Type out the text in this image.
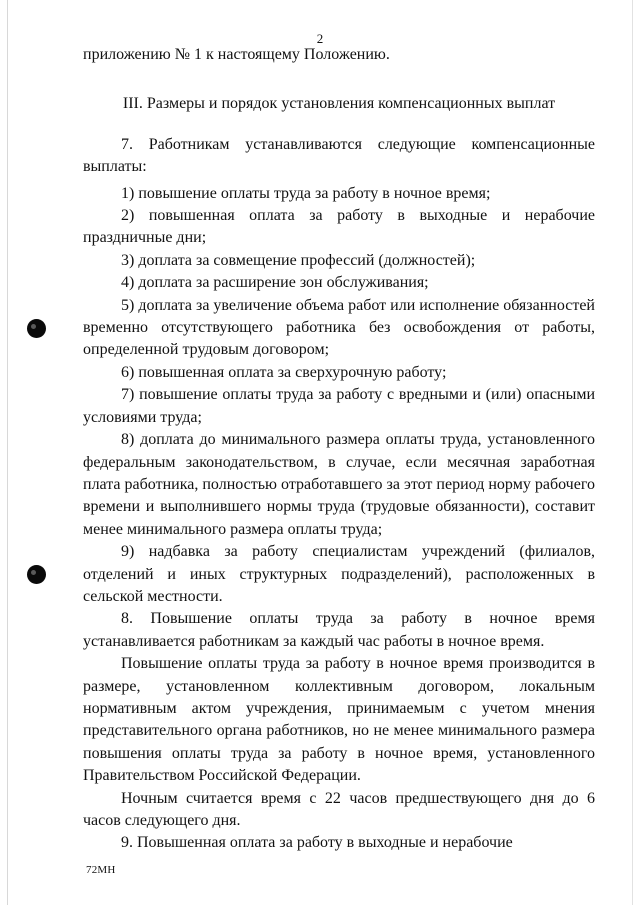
2

приложению № 1 к настоящему Положению.

III. Размеры и порядок установления компенсационных выплат

7. Работникам устанавливаются следующие компенсационные выплаты:

1) повышение оплаты труда за работу в ночное время;

2) повышенная оплата за работу в выходные и нерабочие праздничные дни;

3) доплата за совмещение профессий (должностей);

4) доплата за расширение зон обслуживания;

5) доплата за увеличение объема работ или исполнение обязанностей временно отсутствующего работника без освобождения от работы, определенной трудовым договором;

6) повышенная оплата за сверхурочную работу;

7) повышение оплаты труда за работу с вредными и (или) опасными условиями труда;

8) доплата до минимального размера оплаты труда, установленного федеральным законодательством, в случае, если месячная заработная плата работника, полностью отработавшего за этот период норму рабочего времени и выполнившего нормы труда (трудовые обязанности), составит менее минимального размера оплаты труда;

9) надбавка за работу специалистам учреждений (филиалов, отделений и иных структурных подразделений), расположенных в сельской местности.

8. Повышение оплаты труда за работу в ночное время устанавливается работникам за каждый час работы в ночное время.

Повышение оплаты труда за работу в ночное время производится в размере, установленном коллективным договором, локальным нормативным актом учреждения, принимаемым с учетом мнения представительного органа работников, но не менее минимального размера повышения оплаты труда за работу в ночное время, установленного Правительством Российской Федерации.

Ночным считается время с 22 часов предшествующего дня до 6 часов следующего дня.

9. Повышенная оплата за работу в выходные и нерабочие

72МН
